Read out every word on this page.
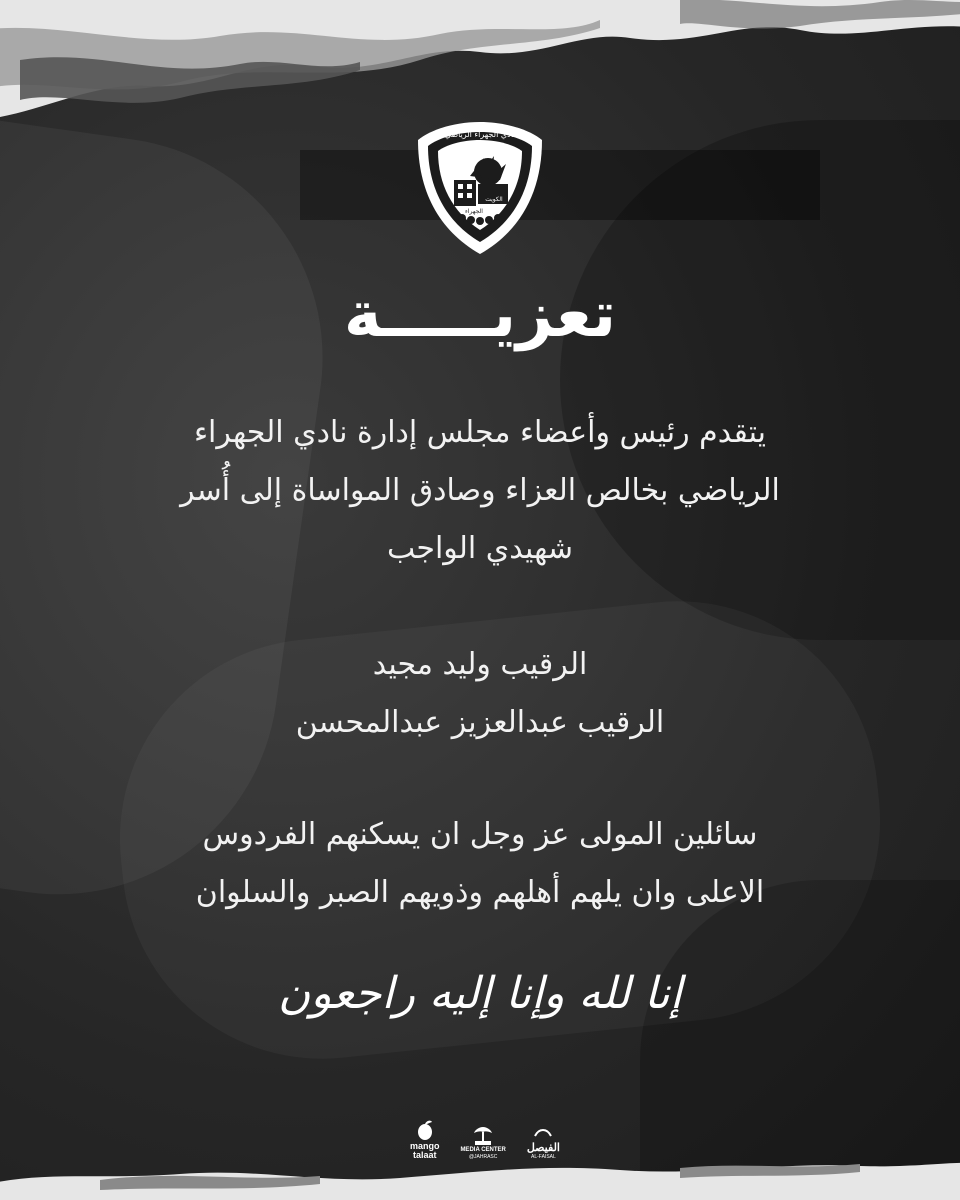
نادي الجهراء الرياضي
الكويت
الجهراء
تعزيـــــة

يتقدم رئيس وأعضاء مجلس إدارة نادي الجهراء

الرياضي بخالص العزاء وصادق المواساة إلى أُسر

شهيدي الواجب

الرقيب وليد مجيد

الرقيب عبدالعزيز عبدالمحسن

سائلين المولى عز وجل ان يسكنهم الفردوس

الاعلى وان يلهم أهلهم وذويهم الصبر والسلوان

إنا لله وإنا إليه راجعون
mango
talaat	MEDIA CENTER
@JAHRASC
الفيصل
AL-FAISAL
